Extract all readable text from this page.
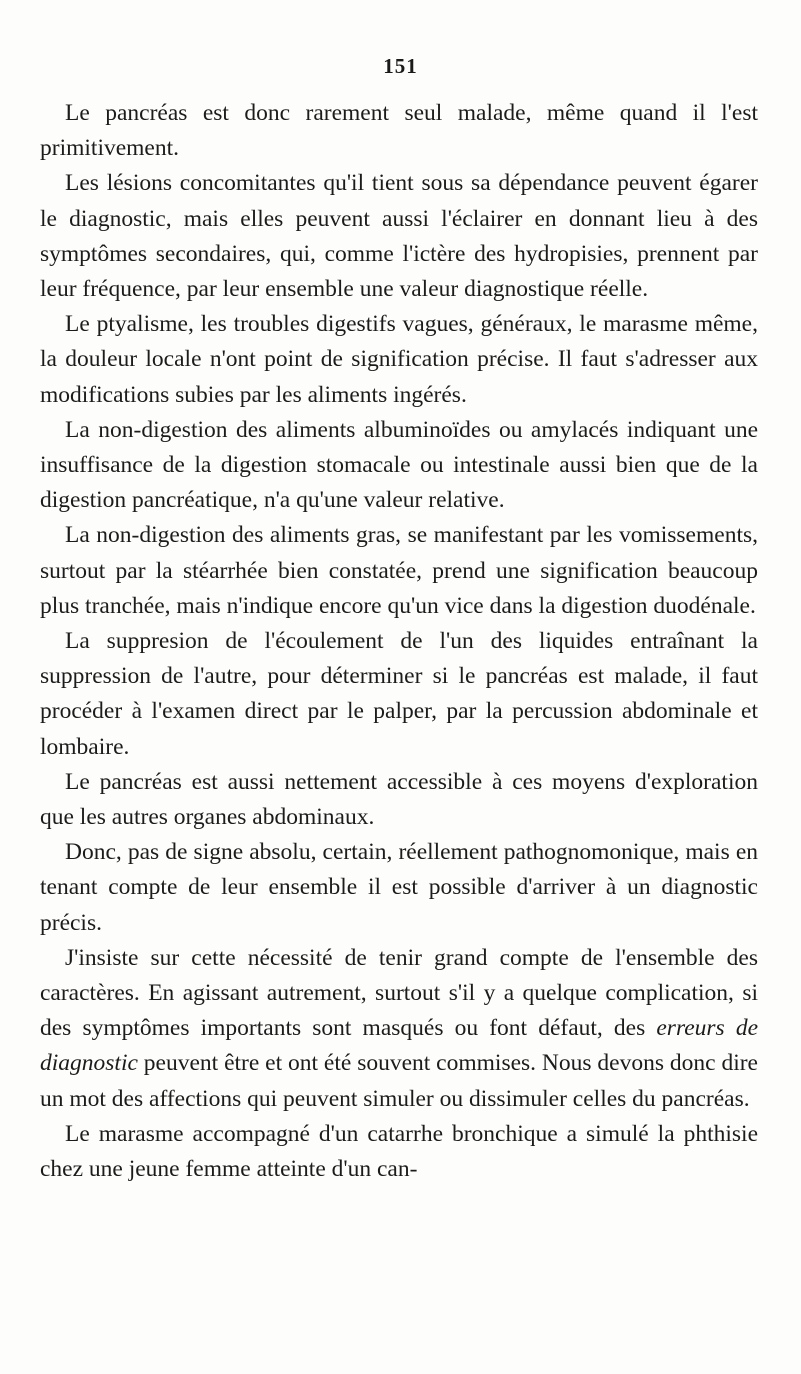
151

Le pancréas est donc rarement seul malade, même quand il l'est primitivement.

Les lésions concomitantes qu'il tient sous sa dépendance peuvent égarer le diagnostic, mais elles peuvent aussi l'éclairer en donnant lieu à des symptômes secondaires, qui, comme l'ictère des hydropisies, prennent par leur fréquence, par leur ensemble une valeur diagnostique réelle.

Le ptyalisme, les troubles digestifs vagues, généraux, le marasme même, la douleur locale n'ont point de signification précise. Il faut s'adresser aux modifications subies par les aliments ingérés.

La non-digestion des aliments albuminoïdes ou amylacés indiquant une insuffisance de la digestion stomacale ou intestinale aussi bien que de la digestion pancréatique, n'a qu'une valeur relative.

La non-digestion des aliments gras, se manifestant par les vomissements, surtout par la stéarrhée bien constatée, prend une signification beaucoup plus tranchée, mais n'indique encore qu'un vice dans la digestion duodénale.

La suppresion de l'écoulement de l'un des liquides entraînant la suppression de l'autre, pour déterminer si le pancréas est malade, il faut procéder à l'examen direct par le palper, par la percussion abdominale et lombaire.

Le pancréas est aussi nettement accessible à ces moyens d'exploration que les autres organes abdominaux.

Donc, pas de signe absolu, certain, réellement pathognomonique, mais en tenant compte de leur ensemble il est possible d'arriver à un diagnostic précis.

J'insiste sur cette nécessité de tenir grand compte de l'ensemble des caractères. En agissant autrement, surtout s'il y a quelque complication, si des symptômes importants sont masqués ou font défaut, des erreurs de diagnostic peuvent être et ont été souvent commises. Nous devons donc dire un mot des affections qui peuvent simuler ou dissimuler celles du pancréas.

Le marasme accompagné d'un catarrhe bronchique a simulé la phthisie chez une jeune femme atteinte d'un can-
